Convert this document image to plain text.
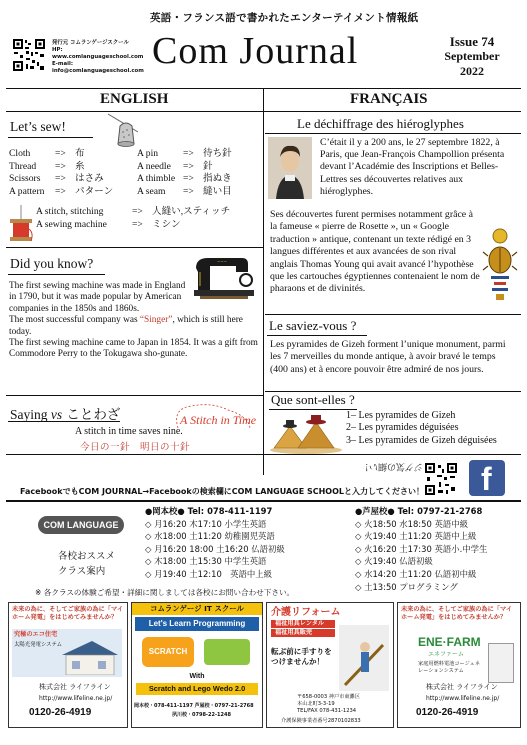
英語・フランス語で書かれたエンターテイメント情報紙
発行元 コムランゲージスクール
HP:
www.comlanguageschool.com
E-mail:
info@comlanguageschool.com Com Journal	Issue 74
September
2022
ENGLISH	FRANÇAIS
Let’s sew!
Cloth	=>	布
Thread	=>	糸
Scissors	=>	はさみ
A pattern	=>	パターン
A pin	=>	待ち針
A needle	=>	針
A thimble	=>	指ぬき
A seam	=>	縫い目
A stitch, stitching	=>	人縫い,スティッチ
A sewing machine	=>	ミシン
Did you know?	~~~
The first sewing machine was made in England in 1790, but it was made popular by American companies in the 1850s and 1860s.
The most successful company was “Singer”, which is still here today.
The first sewing machine came to Japan in 1854. It was a gift from Commodore Perry to the Tokugawa sho-gunate.
Saying vs ことわざ	A Stitch in Time
A stitch in time saves nine.
今日の一針　明日の十針
Le déchiffrage des hiéroglyphes
C’était il y a 200 ans, le 27 septembre 1822, à Paris, que Jean-François Champollion présenta devant l’Académie des Inscriptions et Belles-Lettres ses découvertes relatives aux hiéroglyphes.
Ses découvertes furent permises notamment grâce à la fameuse « pierre de Rosette », un « Google traduction » antique, contenant un texte rédigé en 3 langues différentes et aux avancées de son rival anglais Thomas Young qui avait avancé l’hypothèse que les cartouches égyptiennes contenaient le nom de pharaons et de divinités.
Le saviez-vous ?
Les pyramides de Gizeh forment l’unique monument, parmi les 7 merveilles du monde antique, à avoir bravé le temps (400 ans) et à encore pouvoir être admiré de nos jours.
Que sont-elles ?
1– Les pyramides de Gizeh
2– Les pyramides déguisées
3– Les pyramides de Gizeh déguisées
ジグ気の細い！ f
FacebookでもCOM JOURNAL→Facebookの検索欄にCOM LANGUAGE SCHOOLと入力してください！
COM LANGUAGE
各校おススメ
クラス案内
●岡本校● Tel: 078-411-1197
◇ 月16:20 木17:10 小学生英語
◇ 水18:00 土11:20 幼稚園児英語
◇ 月16:20 18:00 土16:20 仏語初級
◇ 木18:00 土15:30 中学生英語
◇ 月19:40 土12:10　英語中上級
●芦屋校● Tel: 0797-21-2768
◇ 火18:50 水18:50 英語中級
◇ 火19:40 土11:20 英語中上級
◇ 火16:20 土17:30 英語小.中学生
◇ 火19:40 仏語初級
◇ 水14:20 土11:20 仏語初中級
◇ 土13:50 プログラミング
※ 各クラスの体験ご希望・詳細に関しましては各校にお問い合わせ下さい。
未来の為に、そしてご家族の為に「マイホーム発電」をはじめてみませんか？
究極のエコ住宅
太陽光発電システム
株式会社 ライフライン
http://www.lifeline.ne.jp/
0120-26-4919
コムランゲージ IT スクール
Let's Learn Programming
SCRATCH
With
Scratch and Lego Wedo 2.0
岡本校・078-411-1197 芦屋校・0797-21-2768
夙川校・0798-22-1248
介護リフォーム
福祉用具レンタル
福祉用具販売
転ぶ前に手すりをつけませんか！
〒658-0003 神戸市東灘区
本山北町3-3-19
TEL/FAX 078-431-1234
介護保険事業者番号2870102833
未来の為に、そしてご家族の為に「マイホーム発電」をはじめてみませんか？
ENE·FARM
エネファーム
家庭用燃料電池コージェネレーションシステム
株式会社 ライフライン
http://www.lifeline.ne.jp/
0120-26-4919
